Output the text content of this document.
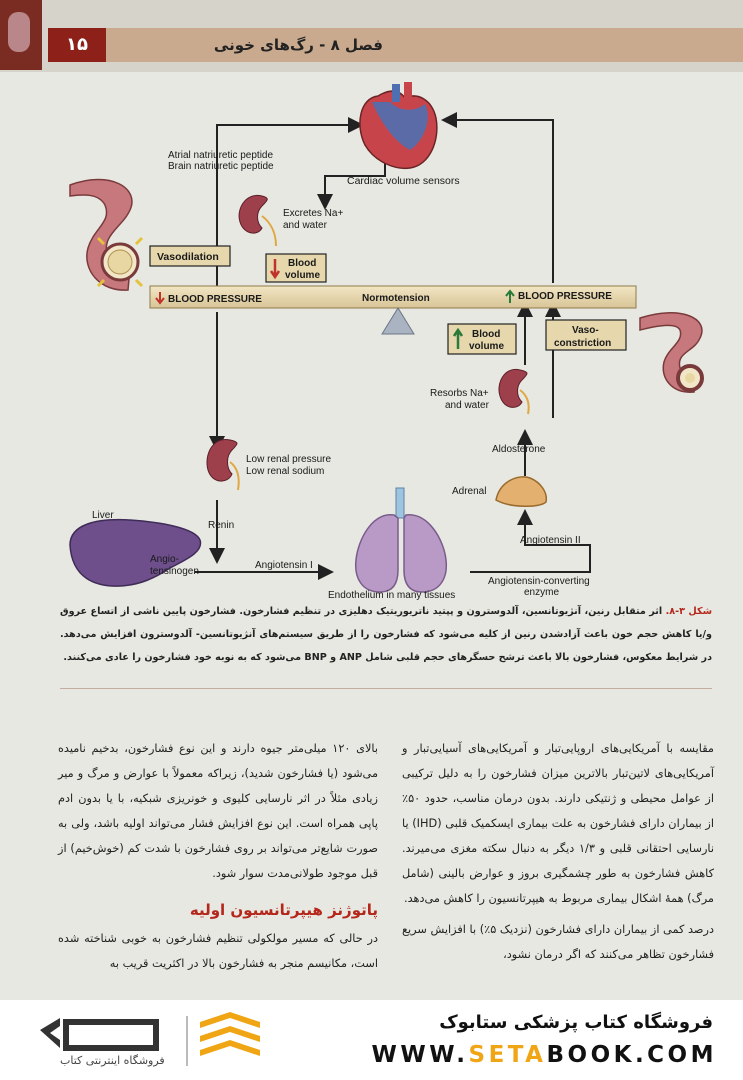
۱۵	فصل ۸ - رگ‌های خونی
BLOOD PRESSURE	Normotension	BLOOD PRESSURE
Vasodilation
Blood
volume
Blood
volume
Vaso-
constriction
Atrial natriuretic peptide
Brain natriuretic peptide
Cardiac volume sensors
Excretes Na+
and water
Resorbs Na+
and water
Aldosterone
Adrenal
Low renal pressure
Low renal sodium
Renin
Liver
Angio-
tensinogen
Angiotensin I
Angiotensin II
Angiotensin-converting
enzyme
Endothelium in many tissues
شکل ۳-۸. اثر متقابل رنین، آنژیوتانسین، آلدوسترون و پپتید ناتریوریتیک دهلیزی در تنظیم فشارخون. فشارخون پایین ناشی از اتساع عروق و/یا کاهش حجم خون باعث آزادشدن رنین از کلیه می‌شود که فشارخون را از طریق سیستم‌های آنژیوتانسین- آلدوسترون افزایش می‌دهد. در شرایط معکوس، فشارخون بالا باعث ترشح حسگرهای حجم قلبی شامل ANP و BNP می‌شود که به نوبه خود فشارخون را عادی می‌کنند.

مقایسه با آمریکایی‌های اروپایی‌تبار و آمریکایی‌های آسیایی‌تبار و آمریکایی‌های لاتین‌تبار بالاترین میزان فشارخون را به دلیل ترکیبی از عوامل محیطی و ژنتیکی دارند. بدون درمان مناسب، حدود ۵۰٪ از بیماران دارای فشارخون به علت بیماری ایسکمیک قلبی (IHD) یا نارسایی احتقانی قلبی و ۱/۳ دیگر به دنبال سکته مغزی می‌میرند. کاهش فشارخون به طور چشمگیری بروز و عوارض بالینی (شامل مرگ) همهٔ اشکال بیماری مربوط به هیپرتانسیون را کاهش می‌دهد.

درصد کمی از بیماران دارای فشارخون (نزدیک ۵٪) با افزایش سریع فشارخون تظاهر می‌کنند که اگر درمان نشود،

بالای ۱۲۰ میلی‌متر جیوه دارند و این نوع فشارخون، بدخیم نامیده می‌شود (یا فشارخون شدید)، زیراکه معمولاً با عوارض و مرگ و میر زیادی مثلاً در اثر نارسایی کلیوی و خونریزی شبکیه، با یا بدون ادم پاپی همراه است. این نوع افزایش فشار می‌تواند اولیه باشد، ولی به صورت شایع‌تر می‌تواند بر روی فشارخون با شدت کم (خوش‌خیم) از قبل موجود طولانی‌مدت سوار شود.

پاتوژنز هیپرتانسیون اولیه

در حالی که مسیر مولکولی تنظیم فشارخون به خوبی شناخته شده است، مکانیسم منجر به فشارخون بالا در اکثریت قریب به

فروشگاه اینترنتی کتاب
فروشگاه کتاب پزشکی ستابوک
WWW.SETABOOK.COM
